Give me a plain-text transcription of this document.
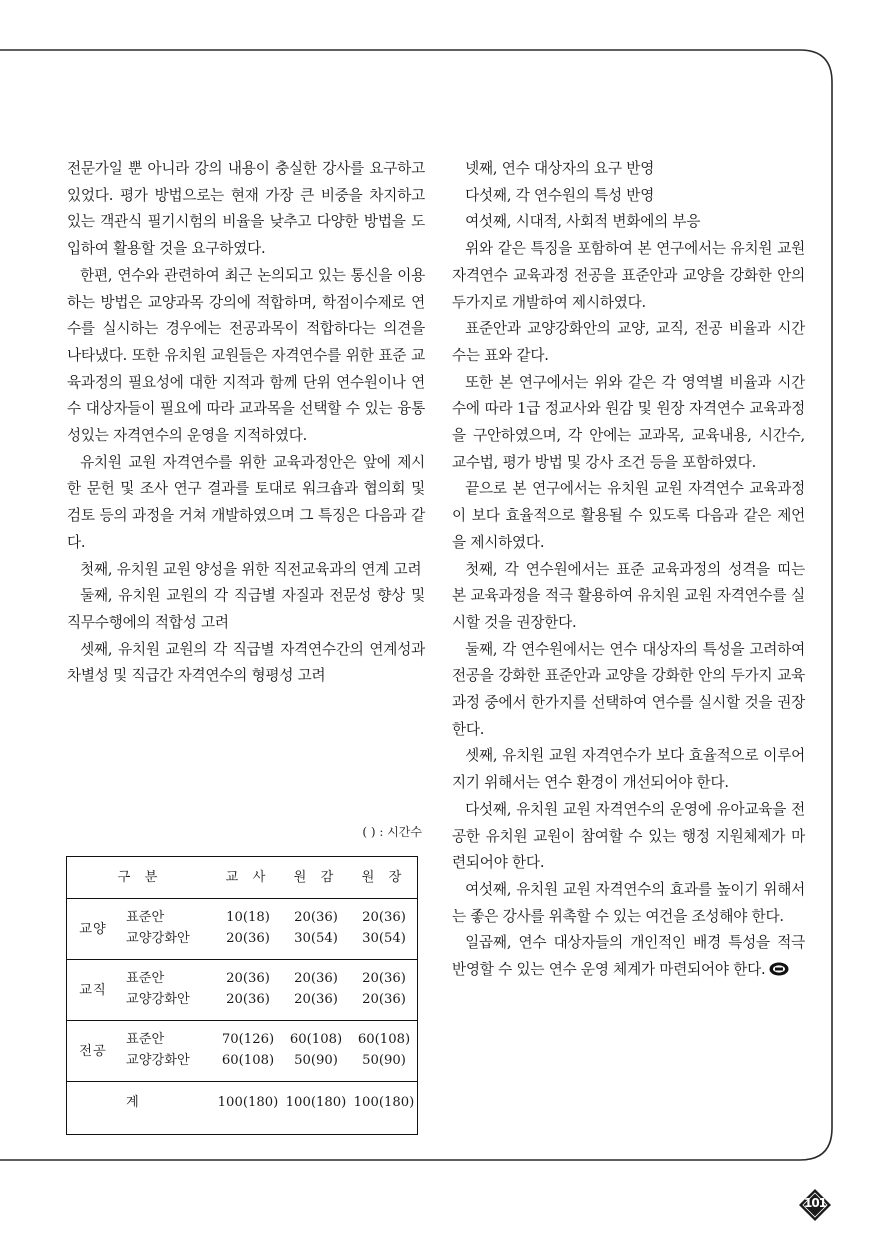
전문가일 뿐 아니라 강의 내용이 충실한 강사를 요구하고 있었다. 평가 방법으로는 현재 가장 큰 비중을 차지하고 있는 객관식 필기시험의 비율을 낮추고 다양한 방법을 도입하여 활용할 것을 요구하였다.

한편, 연수와 관련하여 최근 논의되고 있는 통신을 이용하는 방법은 교양과목 강의에 적합하며, 학점이수제로 연수를 실시하는 경우에는 전공과목이 적합하다는 의견을 나타냈다. 또한 유치원 교원들은 자격연수를 위한 표준 교육과정의 필요성에 대한 지적과 함께 단위 연수원이나 연수 대상자들이 필요에 따라 교과목을 선택할 수 있는 융통성있는 자격연수의 운영을 지적하였다.

유치원 교원 자격연수를 위한 교육과정안은 앞에 제시한 문헌 및 조사 연구 결과를 토대로 워크숍과 협의회 및 검토 등의 과정을 거쳐 개발하였으며 그 특징은 다음과 같다.

첫째, 유치원 교원 양성을 위한 직전교육과의 연계 고려

둘째, 유치원 교원의 각 직급별 자질과 전문성 향상 및 직무수행에의 적합성 고려

셋째, 유치원 교원의 각 직급별 자격연수간의 연계성과 차별성 및 직급간 자격연수의 형평성 고려

( ) : 시간수
구 분		교 사	원 감	원 장
교양	표준안	10(18)	20(36)	20(36)
	교양강화안	20(36)	30(54)	30(54)
교직	표준안	20(36)	20(36)	20(36)
	교양강화안	20(36)	20(36)	20(36)
전공	표준안	70(126)	60(108)	60(108)
	교양강화안	60(108)	50(90)	50(90)
	계	100(180)	100(180)	100(180)

넷째, 연수 대상자의 요구 반영

다섯째, 각 연수원의 특성 반영

여섯째, 시대적, 사회적 변화에의 부응

위와 같은 특징을 포함하여 본 연구에서는 유치원 교원 자격연수 교육과정 전공을 표준안과 교양을 강화한 안의 두가지로 개발하여 제시하였다.

표준안과 교양강화안의 교양, 교직, 전공 비율과 시간수는 표와 같다.

또한 본 연구에서는 위와 같은 각 영역별 비율과 시간수에 따라 1급 정교사와 원감 및 원장 자격연수 교육과정을 구안하였으며, 각 안에는 교과목, 교육내용, 시간수, 교수법, 평가 방법 및 강사 조건 등을 포함하였다.

끝으로 본 연구에서는 유치원 교원 자격연수 교육과정이 보다 효율적으로 활용될 수 있도록 다음과 같은 제언을 제시하였다.

첫째, 각 연수원에서는 표준 교육과정의 성격을 띠는 본 교육과정을 적극 활용하여 유치원 교원 자격연수를 실시할 것을 권장한다.

둘째, 각 연수원에서는 연수 대상자의 특성을 고려하여 전공을 강화한 표준안과 교양을 강화한 안의 두가지 교육과정 중에서 한가지를 선택하여 연수를 실시할 것을 권장한다.

셋째, 유치원 교원 자격연수가 보다 효율적으로 이루어지기 위해서는 연수 환경이 개선되어야 한다.

다섯째, 유치원 교원 자격연수의 운영에 유아교육을 전공한 유치원 교원이 참여할 수 있는 행정 지원체제가 마련되어야 한다.

여섯째, 유치원 교원 자격연수의 효과를 높이기 위해서는 좋은 강사를 위촉할 수 있는 여건을 조성해야 한다.

일곱째, 연수 대상자들의 개인적인 배경 특성을 적극 반영할 수 있는 연수 운영 체계가 마련되어야 한다.

101
